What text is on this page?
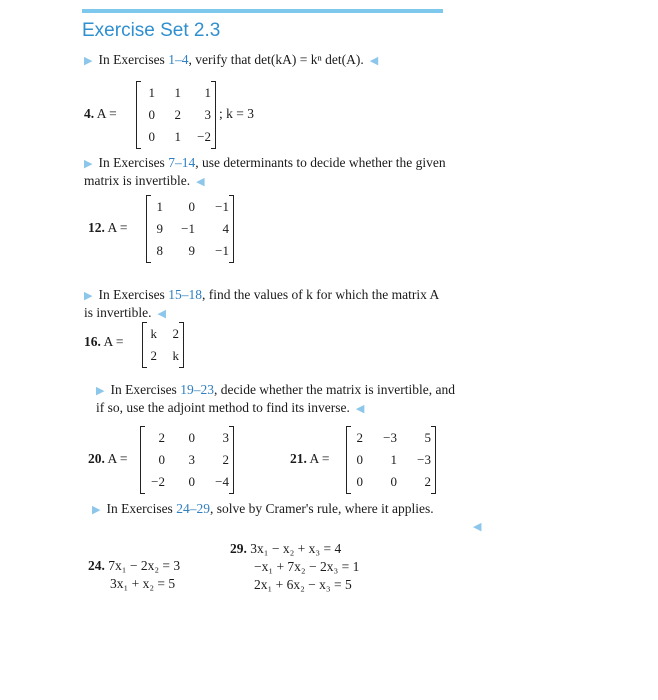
Exercise Set 2.3
▶ In Exercises 1–4, verify that det(kA) = kⁿ det(A). ◀
4. A =
1	1	1
0	2	3
0	1	−2
; k = 3
▶ In Exercises 7–14, use determinants to decide whether the given
matrix is invertible. ◀
12. A =
1	0	−1
9	−1	4
8	9	−1
▶ In Exercises 15–18, find the values of k for which the matrix A
is invertible. ◀
16. A =
k	2
2	k
▶ In Exercises 19–23, decide whether the matrix is invertible, and
if so, use the adjoint method to find its inverse. ◀
20. A =
2	0	3
0	3	2
−2	0	−4
21. A =
2	−3	5
0	1	−3
0	0	2
▶ In Exercises 24–29, solve by Cramer's rule, where it applies.
◀
24. 7x₁ − 2x₂ = 3
3x₁ + x₂ = 5
29. 3x₁ − x₂ + x₃ = 4
−x₁ + 7x₂ − 2x₃ = 1
2x₁ + 6x₂ − x₃ = 5
